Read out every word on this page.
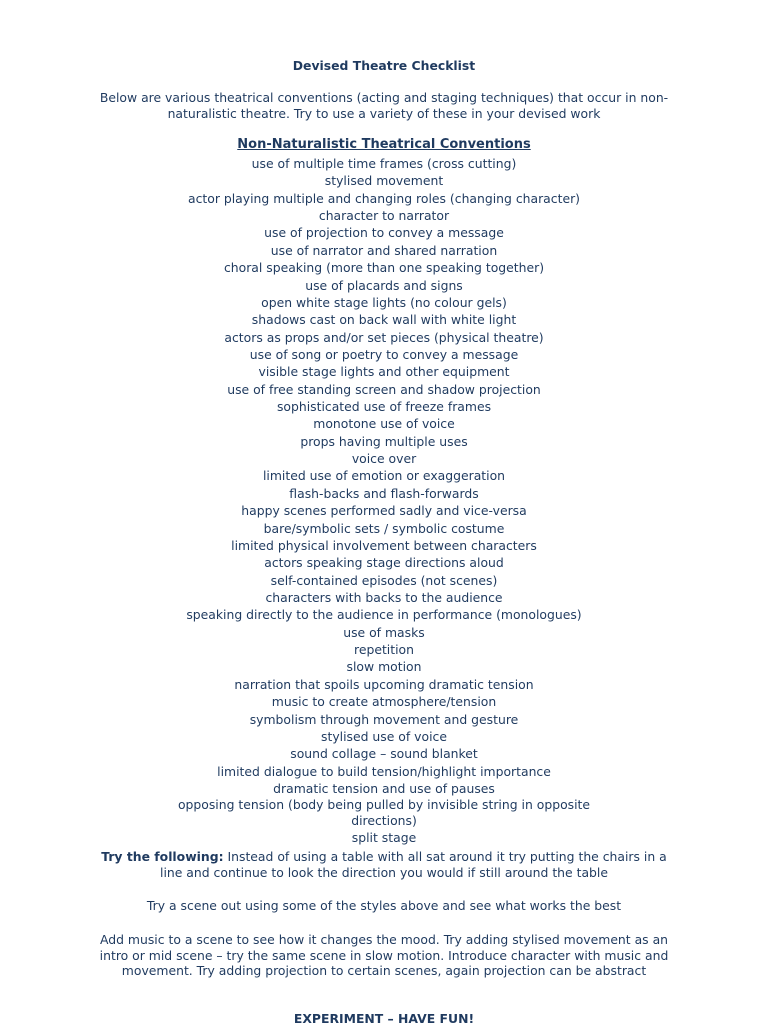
Devised Theatre Checklist
Below are various theatrical conventions (acting and staging techniques) that occur in non-naturalistic theatre. Try to use a variety of these in your devised work
Non-Naturalistic Theatrical Conventions
use of multiple time frames (cross cutting)
stylised movement
actor playing multiple and changing roles (changing character)
character to narrator
use of projection to convey a message
use of narrator and shared narration
choral speaking (more than one speaking together)
use of placards and signs
open white stage lights (no colour gels)
shadows cast on back wall with white light
actors as props and/or set pieces (physical theatre)
use of song or poetry to convey a message
visible stage lights and other equipment
use of free standing screen and shadow projection
sophisticated use of freeze frames
monotone use of voice
props having multiple uses
voice over
limited use of emotion or exaggeration
flash-backs and flash-forwards
happy scenes performed sadly and vice-versa
bare/symbolic sets / symbolic costume
limited physical involvement between characters
actors speaking stage directions aloud
self-contained episodes (not scenes)
characters with backs to the audience
speaking directly to the audience in performance (monologues)
use of masks
repetition
slow motion
narration that spoils upcoming dramatic tension
music to create atmosphere/tension
symbolism through movement and gesture
stylised use of voice
sound collage – sound blanket
limited dialogue to build tension/highlight importance
dramatic tension and use of pauses
opposing tension (body being pulled by invisible string in opposite directions)
split stage
Try the following: Instead of using a table with all sat around it try putting the chairs in a line and continue to look the direction you would if still around the table
Try a scene out using some of the styles above and see what works the best
Add music to a scene to see how it changes the mood. Try adding stylised movement as an intro or mid scene – try the same scene in slow motion. Introduce character with music and movement. Try adding projection to certain scenes, again projection can be abstract
EXPERIMENT – HAVE FUN!
